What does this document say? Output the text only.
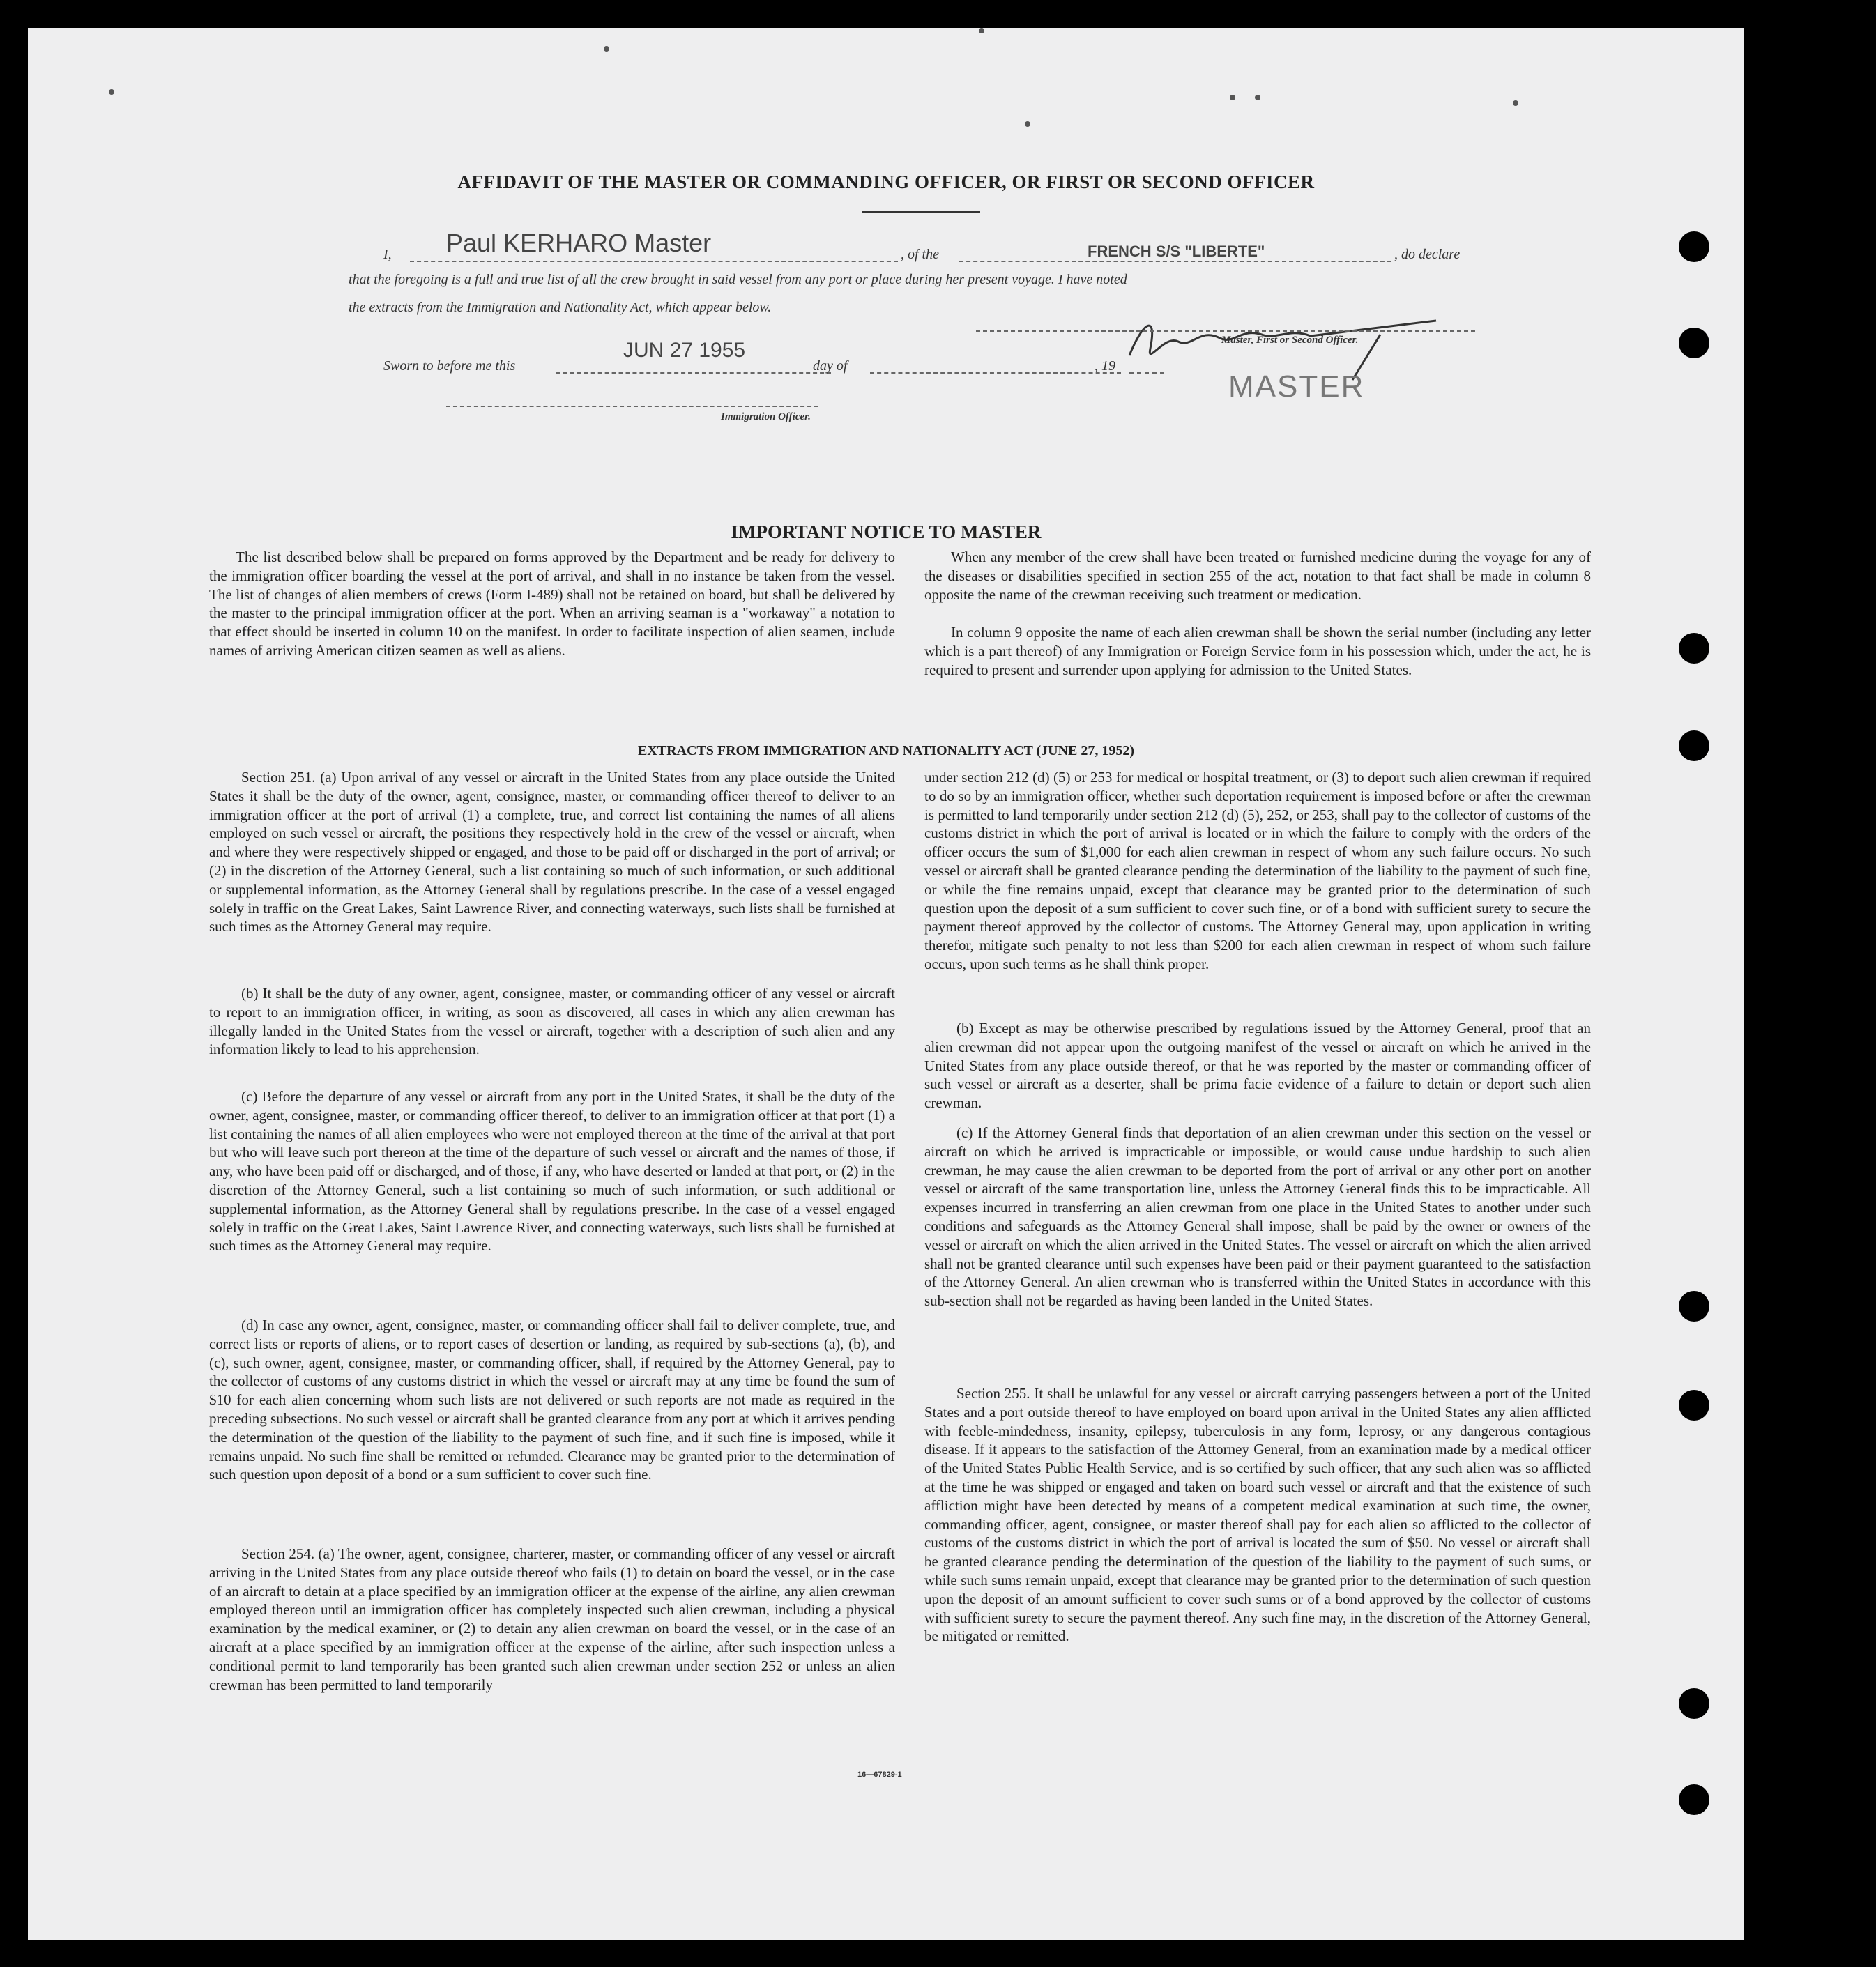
AFFIDAVIT OF THE MASTER OR COMMANDING OFFICER, OR FIRST OR SECOND OFFICER
I, Paul KERHARO Master	, of the	FRENCH S/S "LIBERTE"	, do declare
that the foregoing is a full and true list of all the crew brought in said vessel from any port or place during her present voyage. I have noted
the extracts from the Immigration and Nationality Act, which appear below.
Master, First or Second Officer.
MASTER
Sworn to before me this
JUN 27 1955
day of	, 19
Immigration Officer.
IMPORTANT NOTICE TO MASTER

The list described below shall be prepared on forms approved by the Department and be ready for delivery to the immigration officer boarding the vessel at the port of arrival, and shall in no instance be taken from the vessel. The list of changes of alien members of crews (Form I-489) shall not be retained on board, but shall be delivered by the master to the principal immigration officer at the port. When an arriving seaman is a "workaway" a notation to that effect should be inserted in column 10 on the manifest. In order to facilitate inspection of alien seamen, include names of arriving American citizen seamen as well as aliens.

When any member of the crew shall have been treated or furnished medicine during the voyage for any of the diseases or disabilities specified in section 255 of the act, notation to that fact shall be made in column 8 opposite the name of the crewman receiving such treatment or medication.

In column 9 opposite the name of each alien crewman shall be shown the serial number (including any letter which is a part thereof) of any Immigration or Foreign Service form in his possession which, under the act, he is required to present and surrender upon applying for admission to the United States.

EXTRACTS FROM IMMIGRATION AND NATIONALITY ACT (JUNE 27, 1952)

Section 251. (a) Upon arrival of any vessel or aircraft in the United States from any place outside the United States it shall be the duty of the owner, agent, consignee, master, or commanding officer thereof to deliver to an immigration officer at the port of arrival (1) a complete, true, and correct list containing the names of all aliens employed on such vessel or aircraft, the positions they respectively hold in the crew of the vessel or aircraft, when and where they were respectively shipped or engaged, and those to be paid off or discharged in the port of arrival; or (2) in the discretion of the Attorney General, such a list containing so much of such information, or such additional or supplemental information, as the Attorney General shall by regulations prescribe. In the case of a vessel engaged solely in traffic on the Great Lakes, Saint Lawrence River, and connecting waterways, such lists shall be furnished at such times as the Attorney General may require.

(b) It shall be the duty of any owner, agent, consignee, master, or commanding officer of any vessel or aircraft to report to an immigration officer, in writing, as soon as discovered, all cases in which any alien crewman has illegally landed in the United States from the vessel or aircraft, together with a description of such alien and any information likely to lead to his apprehension.

(c) Before the departure of any vessel or aircraft from any port in the United States, it shall be the duty of the owner, agent, consignee, master, or commanding officer thereof, to deliver to an immigration officer at that port (1) a list containing the names of all alien employees who were not employed thereon at the time of the arrival at that port but who will leave such port thereon at the time of the departure of such vessel or aircraft and the names of those, if any, who have been paid off or discharged, and of those, if any, who have deserted or landed at that port, or (2) in the discretion of the Attorney General, such a list containing so much of such information, or such additional or supplemental information, as the Attorney General shall by regulations prescribe. In the case of a vessel engaged solely in traffic on the Great Lakes, Saint Lawrence River, and connecting waterways, such lists shall be furnished at such times as the Attorney General may require.

(d) In case any owner, agent, consignee, master, or commanding officer shall fail to deliver complete, true, and correct lists or reports of aliens, or to report cases of desertion or landing, as required by sub-sections (a), (b), and (c), such owner, agent, consignee, master, or commanding officer, shall, if required by the Attorney General, pay to the collector of customs of any customs district in which the vessel or aircraft may at any time be found the sum of $10 for each alien concerning whom such lists are not delivered or such reports are not made as required in the preceding subsections. No such vessel or aircraft shall be granted clearance from any port at which it arrives pending the determination of the question of the liability to the payment of such fine, and if such fine is imposed, while it remains unpaid. No such fine shall be remitted or refunded. Clearance may be granted prior to the determination of such question upon deposit of a bond or a sum sufficient to cover such fine.

Section 254. (a) The owner, agent, consignee, charterer, master, or commanding officer of any vessel or aircraft arriving in the United States from any place outside thereof who fails (1) to detain on board the vessel, or in the case of an aircraft to detain at a place specified by an immigration officer at the expense of the airline, any alien crewman employed thereon until an immigration officer has completely inspected such alien crewman, including a physical examination by the medical examiner, or (2) to detain any alien crewman on board the vessel, or in the case of an aircraft at a place specified by an immigration officer at the expense of the airline, after such inspection unless a conditional permit to land temporarily has been granted such alien crewman under section 252 or unless an alien crewman has been permitted to land temporarily

under section 212 (d) (5) or 253 for medical or hospital treatment, or (3) to deport such alien crewman if required to do so by an immigration officer, whether such deportation requirement is imposed before or after the crewman is permitted to land temporarily under section 212 (d) (5), 252, or 253, shall pay to the collector of customs of the customs district in which the port of arrival is located or in which the failure to comply with the orders of the officer occurs the sum of $1,000 for each alien crewman in respect of whom any such failure occurs. No such vessel or aircraft shall be granted clearance pending the determination of the liability to the payment of such fine, or while the fine remains unpaid, except that clearance may be granted prior to the determination of such question upon the deposit of a sum sufficient to cover such fine, or of a bond with sufficient surety to secure the payment thereof approved by the collector of customs. The Attorney General may, upon application in writing therefor, mitigate such penalty to not less than $200 for each alien crewman in respect of whom such failure occurs, upon such terms as he shall think proper.

(b) Except as may be otherwise prescribed by regulations issued by the Attorney General, proof that an alien crewman did not appear upon the outgoing manifest of the vessel or aircraft on which he arrived in the United States from any place outside thereof, or that he was reported by the master or commanding officer of such vessel or aircraft as a deserter, shall be prima facie evidence of a failure to detain or deport such alien crewman.

(c) If the Attorney General finds that deportation of an alien crewman under this section on the vessel or aircraft on which he arrived is impracticable or impossible, or would cause undue hardship to such alien crewman, he may cause the alien crewman to be deported from the port of arrival or any other port on another vessel or aircraft of the same transportation line, unless the Attorney General finds this to be impracticable. All expenses incurred in transferring an alien crewman from one place in the United States to another under such conditions and safeguards as the Attorney General shall impose, shall be paid by the owner or owners of the vessel or aircraft on which the alien arrived in the United States. The vessel or aircraft on which the alien arrived shall not be granted clearance until such expenses have been paid or their payment guaranteed to the satisfaction of the Attorney General. An alien crewman who is transferred within the United States in accordance with this sub-section shall not be regarded as having been landed in the United States.

Section 255. It shall be unlawful for any vessel or aircraft carrying passengers between a port of the United States and a port outside thereof to have employed on board upon arrival in the United States any alien afflicted with feeble-mindedness, insanity, epilepsy, tuberculosis in any form, leprosy, or any dangerous contagious disease. If it appears to the satisfaction of the Attorney General, from an examination made by a medical officer of the United States Public Health Service, and is so certified by such officer, that any such alien was so afflicted at the time he was shipped or engaged and taken on board such vessel or aircraft and that the existence of such affliction might have been detected by means of a competent medical examination at such time, the owner, commanding officer, agent, consignee, or master thereof shall pay for each alien so afflicted to the collector of customs of the customs district in which the port of arrival is located the sum of $50. No vessel or aircraft shall be granted clearance pending the determination of the question of the liability to the payment of such sums, or while such sums remain unpaid, except that clearance may be granted prior to the determination of such question upon the deposit of an amount sufficient to cover such sums or of a bond approved by the collector of customs with sufficient surety to secure the payment thereof. Any such fine may, in the discretion of the Attorney General, be mitigated or remitted.

16—67829-1
